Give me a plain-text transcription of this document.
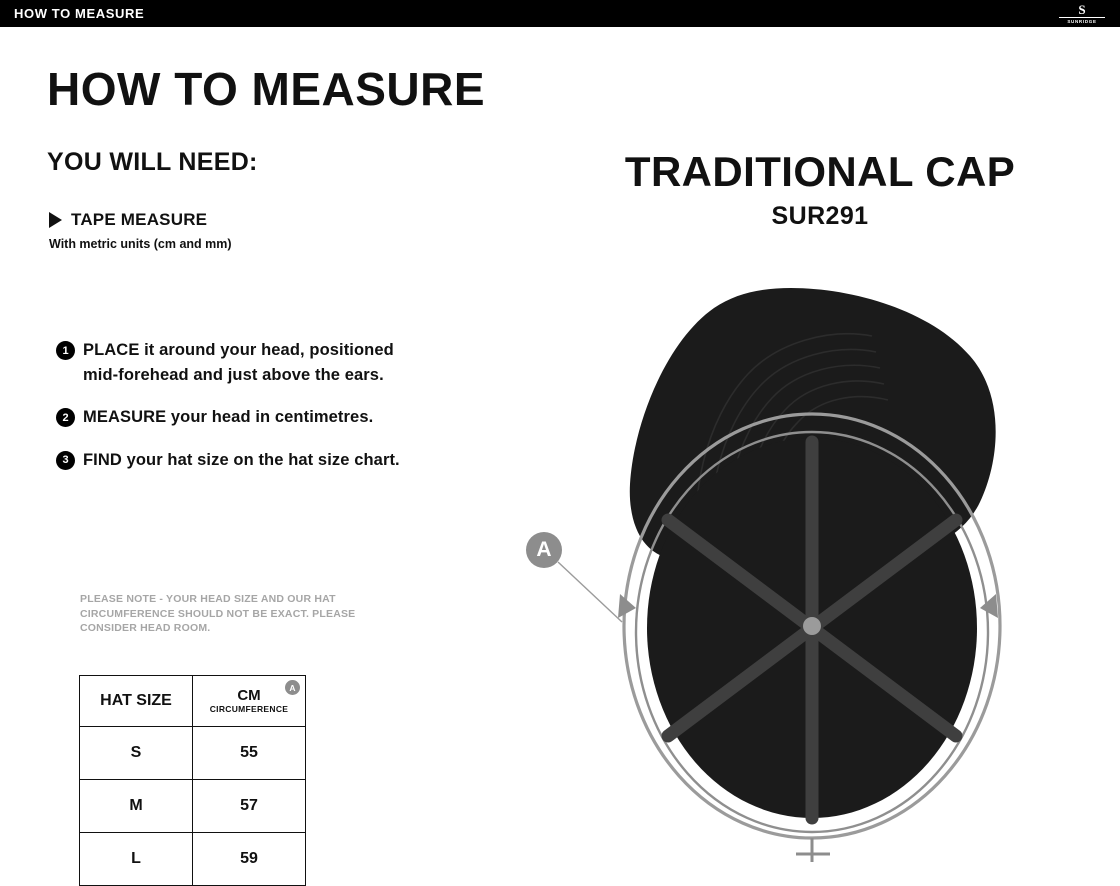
HOW TO MEASURE	S
SUNRIDGE
HOW TO MEASURE
YOU WILL NEED:
TAPE MEASURE
With metric units (cm and mm)
1 PLACE it around your head, positioned mid-forehead and just above the ears.
2 MEASURE your head in centimetres.
3 FIND your hat size on the hat size chart.
PLEASE NOTE - YOUR HEAD SIZE AND OUR HAT CIRCUMFERENCE SHOULD NOT BE EXACT. PLEASE CONSIDER HEAD ROOM.
HAT SIZE	CM
CIRCUMFERENCE
A

S	55
M	57
L	59
TRADITIONAL CAP
SUR291
A
